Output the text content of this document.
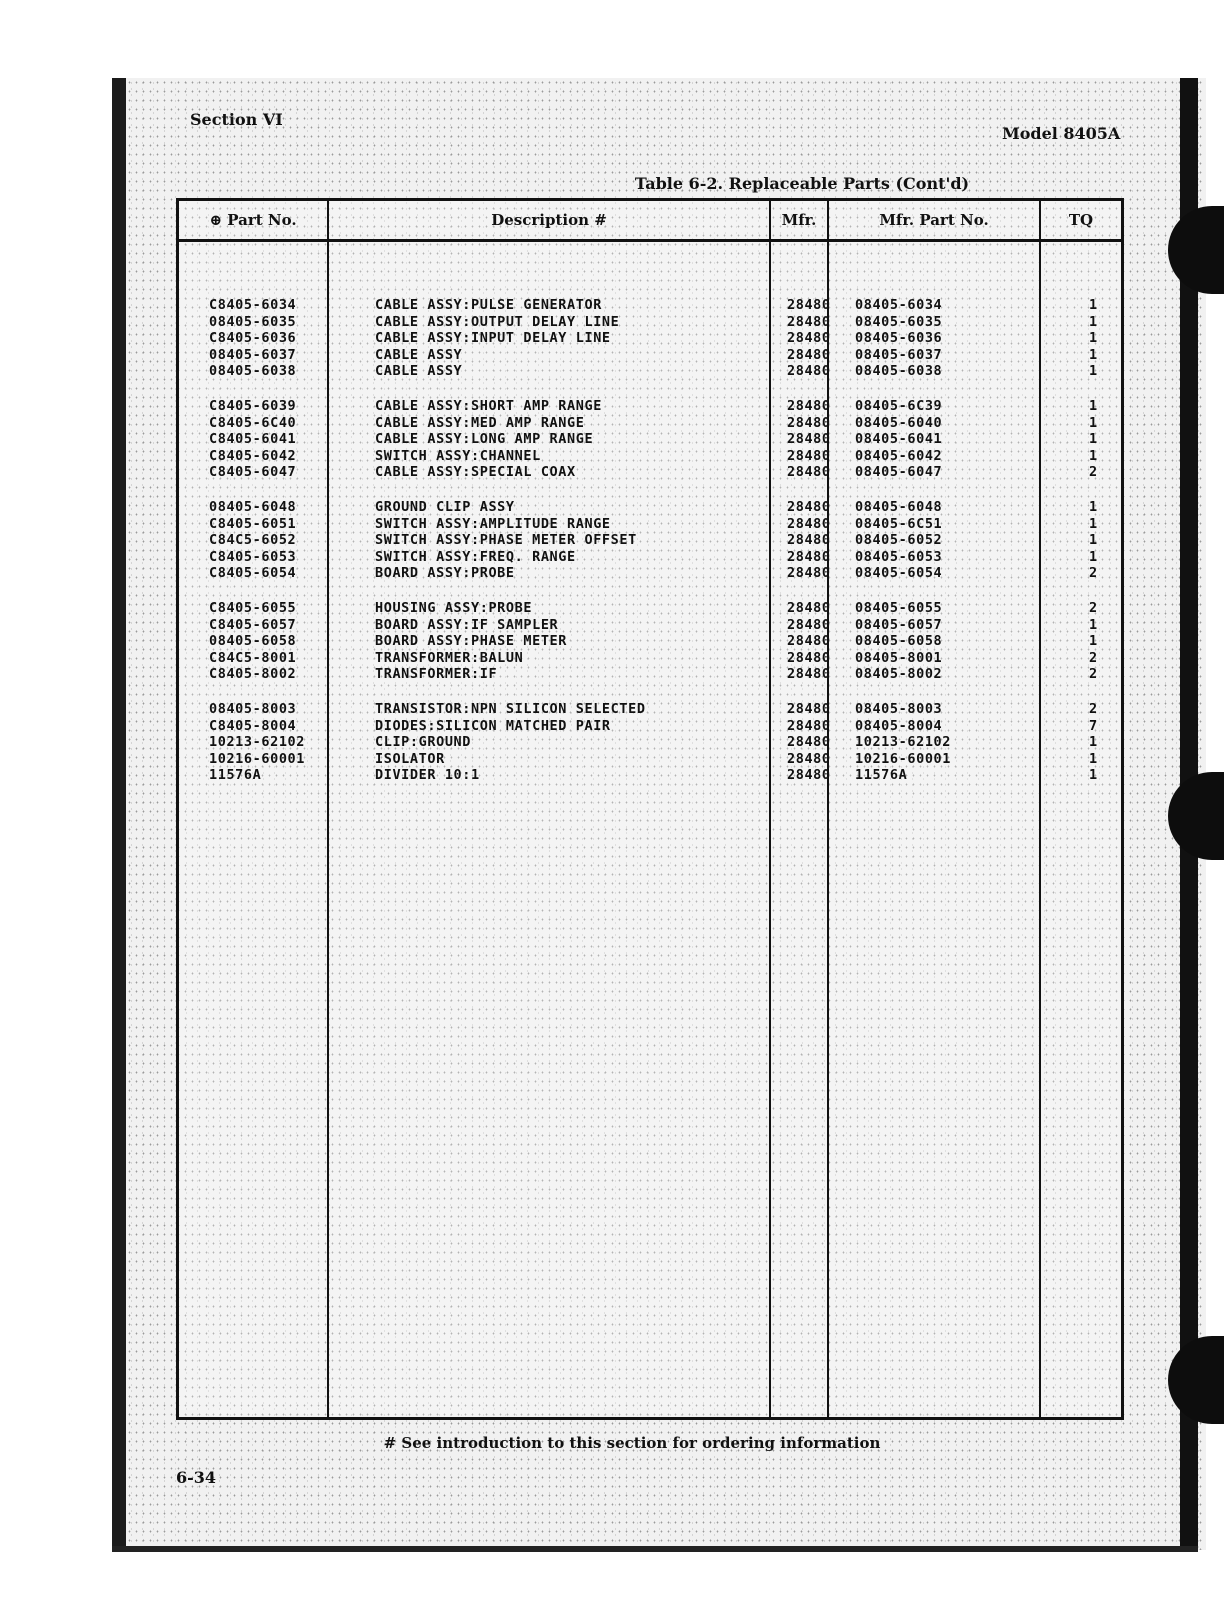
Section VI
Model 8405A
Table 6-2. Replaceable Parts (Cont'd)
⊕ Part No.	Description #	Mfr.	Mfr. Part No.	TQ
C8405-6034	CABLE ASSY:PULSE GENERATOR	28480 08405-6034	1
08405-6035	CABLE ASSY:OUTPUT DELAY LINE	28480 08405-6035	1
C8405-6036	CABLE ASSY:INPUT DELAY LINE	28480 08405-6036	1
08405-6037	CABLE ASSY	28480 08405-6037	1
08405-6038	CABLE ASSY	28480 08405-6038	1
C8405-6039	CABLE ASSY:SHORT AMP RANGE	28480 08405-6C39	1
C8405-6C40	CABLE ASSY:MED AMP RANGE	28480 08405-6040	1
C8405-6041	CABLE ASSY:LONG AMP RANGE	28480 08405-6041	1
C8405-6042	SWITCH ASSY:CHANNEL	28480 08405-6042	1
C8405-6047	CABLE ASSY:SPECIAL COAX	28480 08405-6047	2
08405-6048	GROUND CLIP ASSY	28480 08405-6048	1
C8405-6051	SWITCH ASSY:AMPLITUDE RANGE	28480 08405-6C51	1
C84C5-6052	SWITCH ASSY:PHASE METER OFFSET	28480 08405-6052	1
C8405-6053	SWITCH ASSY:FREQ. RANGE	28480 08405-6053	1
C8405-6054	BOARD ASSY:PROBE	28480 08405-6054	2
C8405-6055	HOUSING ASSY:PROBE	28480 08405-6055	2
C8405-6057	BOARD ASSY:IF SAMPLER	28480 08405-6057	1
08405-6058	BOARD ASSY:PHASE METER	28480 08405-6058	1
C84C5-8001	TRANSFORMER:BALUN	28480 08405-8001	2
C8405-8002	TRANSFORMER:IF	28480 08405-8002	2
08405-8003	TRANSISTOR:NPN SILICON SELECTED	28480 08405-8003	2
C8405-8004	DIODES:SILICON MATCHED PAIR	28480 08405-8004	7
10213-62102	CLIP:GROUND	28480 10213-62102	1
10216-60001	ISOLATOR	28480 10216-60001	1
11576A	DIVIDER 10:1	28480 11576A	1
# See introduction to this section for ordering information
6-34
